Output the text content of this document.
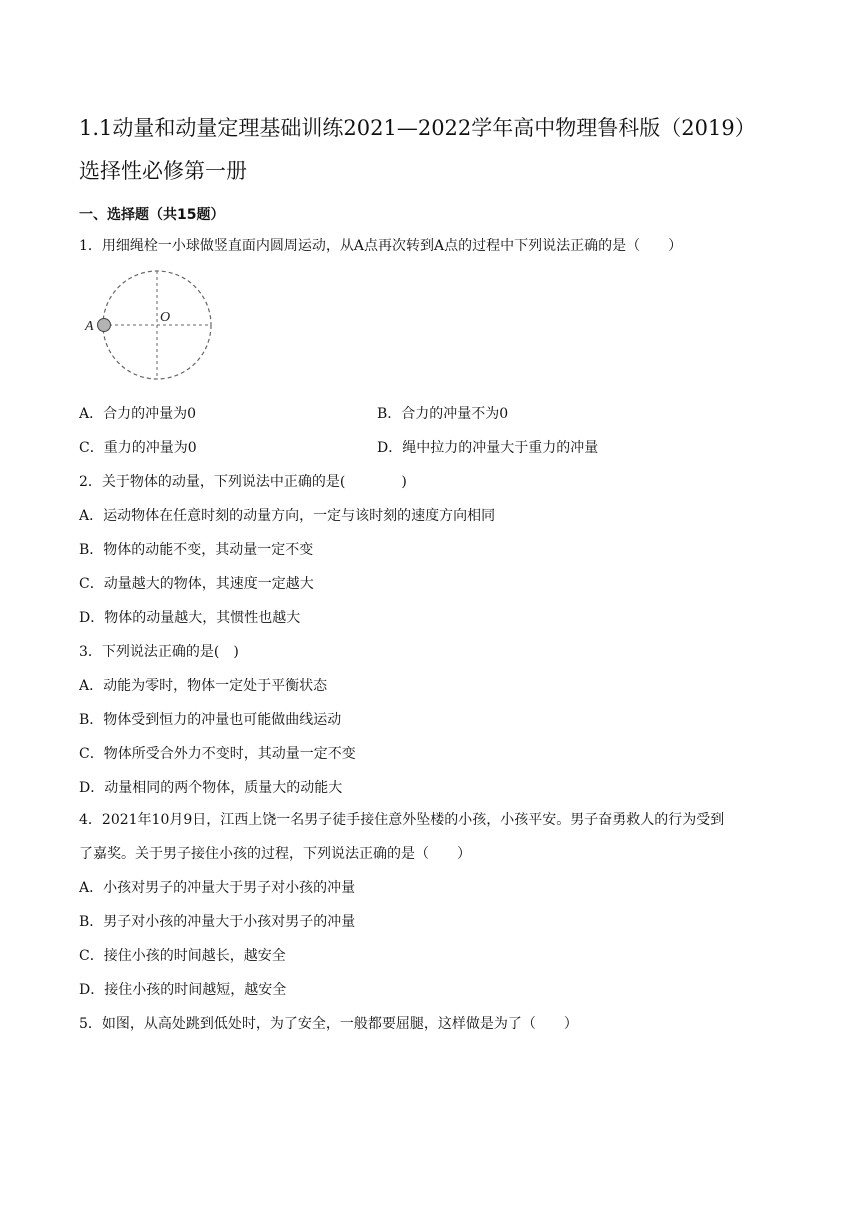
1.1动量和动量定理基础训练2021—2022学年高中物理鲁科版（2019）
选择性必修第一册
一、选择题（共15题）
1．用细绳栓一小球做竖直面内圆周运动，从A点再次转到A点的过程中下列说法正确的是（　　）
A
O
A．合力的冲量为0	B．合力的冲量不为0
C．重力的冲量为0	D．绳中拉力的冲量大于重力的冲量
2．关于物体的动量，下列说法中正确的是(　　　　)
A．运动物体在任意时刻的动量方向，一定与该时刻的速度方向相同
B．物体的动能不变，其动量一定不变
C．动量越大的物体，其速度一定越大
D．物体的动量越大，其惯性也越大
3．下列说法正确的是(　)
A．动能为零时，物体一定处于平衡状态
B．物体受到恒力的冲量也可能做曲线运动
C．物体所受合外力不变时，其动量一定不变
D．动量相同的两个物体，质量大的动能大
4．2021年10月9日，江西上饶一名男子徒手接住意外坠楼的小孩，小孩平安。男子奋勇救人的行为受到
了嘉奖。关于男子接住小孩的过程，下列说法正确的是（　　）
A．小孩对男子的冲量大于男子对小孩的冲量
B．男子对小孩的冲量大于小孩对男子的冲量
C．接住小孩的时间越长，越安全
D．接住小孩的时间越短，越安全
5．如图，从高处跳到低处时，为了安全，一般都要屈腿，这样做是为了（　　）
